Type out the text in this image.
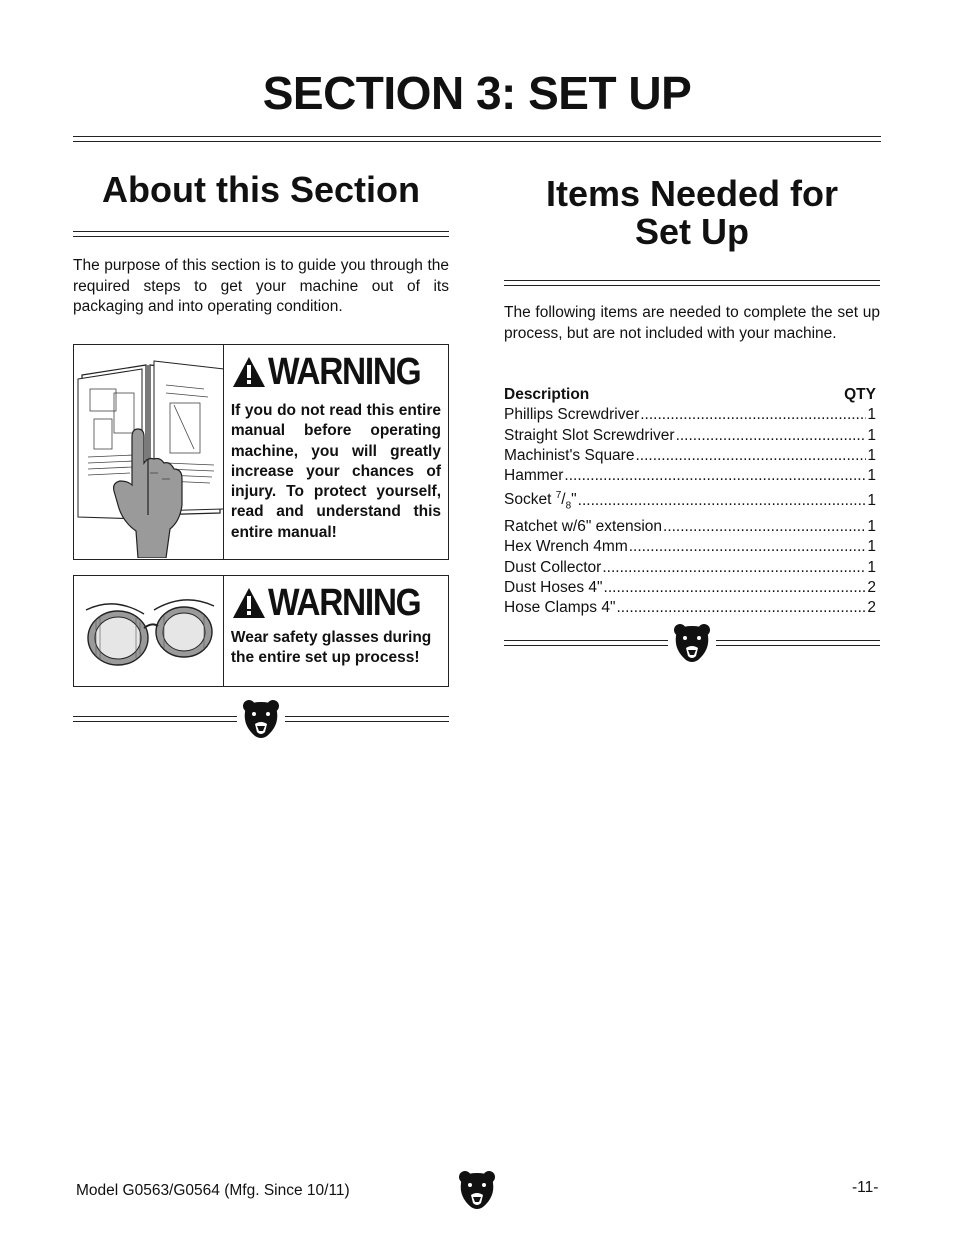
SECTION 3: SET UP
About this Section

The purpose of this section is to guide you through the required steps to get your machine out of its packaging and into operating condition.

WARNING

If you do not read this entire manual before operating machine, you will greatly increase your chances of injury. To protect yourself, read and understand this entire manual!

WARNING

Wear safety glasses during the entire set up process!

Items Needed for
Set Up

The following items are needed to complete the set up process, but are not included with your machine.

Description	QTY
Phillips Screwdriver .....	1
Straight Slot Screwdriver .....	1
Machinist's Square .....	1
Hammer .....	1
Socket $^7/_8$" .....	1
Ratchet w/6" extension .....	1
Hex Wrench 4mm .....	1
Dust Collector .....	1
Dust Hoses 4" .....	2
Hose Clamps 4" .....	2
Model G0563/G0564 (Mfg. Since 10/11)	-11-
